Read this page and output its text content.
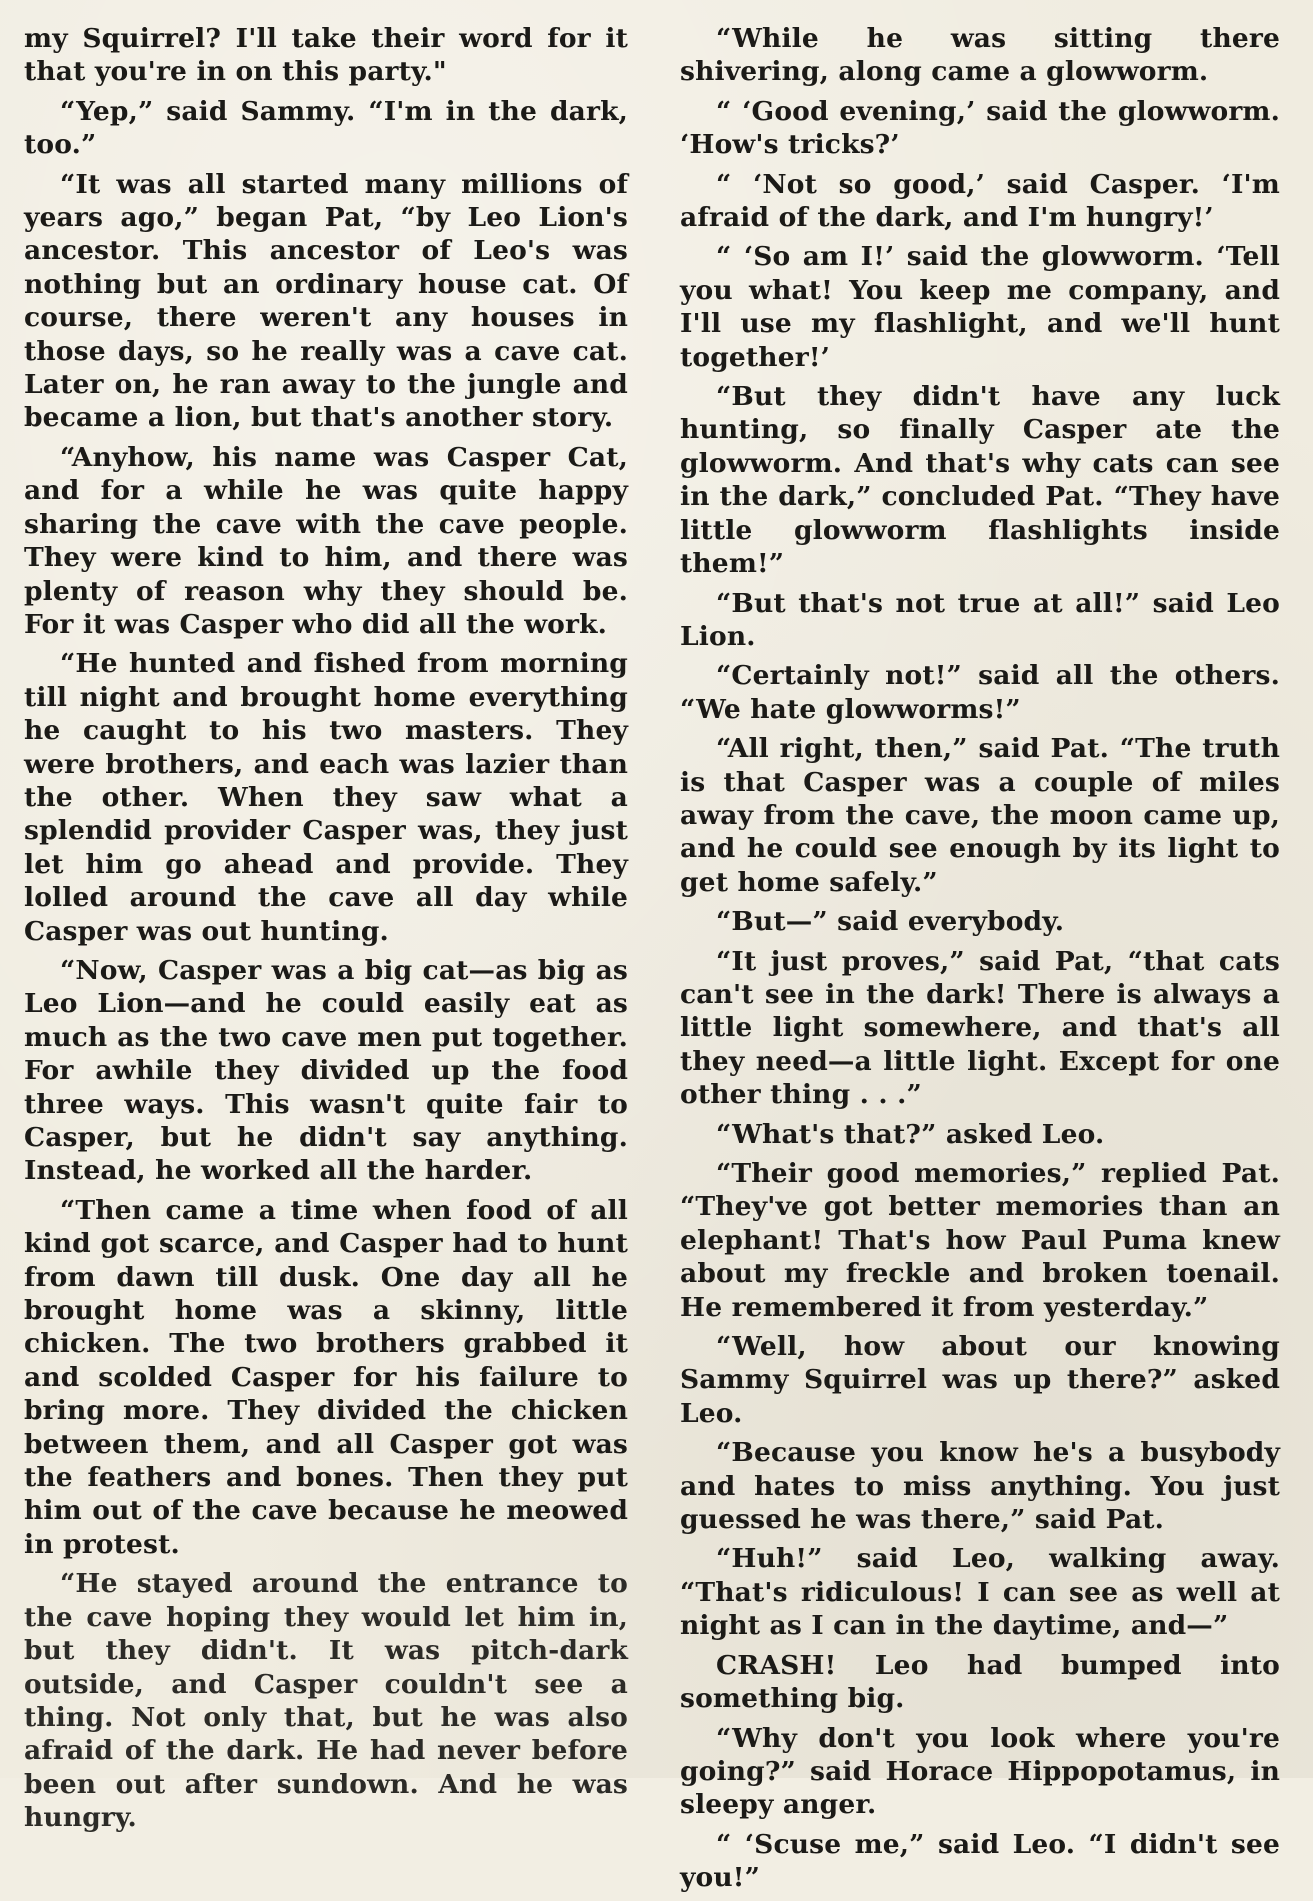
my Squirrel? I'll take their word for it that you're in on this party."

“Yep,” said Sammy. “I'm in the dark, too.”

“It was all started many millions of years ago,” began Pat, “by Leo Lion's ancestor. This ancestor of Leo's was nothing but an ordinary house cat. Of course, there weren't any houses in those days, so he really was a cave cat. Later on, he ran away to the jungle and became a lion, but that's another story.

“Anyhow, his name was Casper Cat, and for a while he was quite happy sharing the cave with the cave people. They were kind to him, and there was plenty of reason why they should be. For it was Casper who did all the work.

“He hunted and fished from morning till night and brought home everything he caught to his two masters. They were brothers, and each was lazier than the other. When they saw what a splendid provider Casper was, they just let him go ahead and provide. They lolled around the cave all day while Casper was out hunting.

“Now, Casper was a big cat—as big as Leo Lion—and he could easily eat as much as the two cave men put together. For awhile they divided up the food three ways. This wasn't quite fair to Casper, but he didn't say anything. Instead, he worked all the harder.

“Then came a time when food of all kind got scarce, and Casper had to hunt from dawn till dusk. One day all he brought home was a skinny, little chicken. The two brothers grabbed it and scolded Casper for his failure to bring more. They divided the chicken between them, and all Casper got was the feathers and bones. Then they put him out of the cave because he meowed in protest.

“He stayed around the entrance to the cave hoping they would let him in, but they didn't. It was pitch-dark outside, and Casper couldn't see a thing. Not only that, but he was also afraid of the dark. He had never before been out after sundown. And he was hungry.

“While he was sitting there shivering, along came a glowworm.

“ ‘Good evening,’ said the glowworm. ‘How's tricks?’

“ ‘Not so good,’ said Casper. ‘I'm afraid of the dark, and I'm hungry!’

“ ‘So am I!’ said the glowworm. ‘Tell you what! You keep me company, and I'll use my flashlight, and we'll hunt together!’

“But they didn't have any luck hunting, so finally Casper ate the glowworm. And that's why cats can see in the dark,” concluded Pat. “They have little glowworm flashlights inside them!”

“But that's not true at all!” said Leo Lion.

“Certainly not!” said all the others. “We hate glowworms!”

“All right, then,” said Pat. “The truth is that Casper was a couple of miles away from the cave, the moon came up, and he could see enough by its light to get home safely.”

“But—” said everybody.

“It just proves,” said Pat, “that cats can't see in the dark! There is always a little light somewhere, and that's all they need—a little light. Except for one other thing . . .”

“What's that?” asked Leo.

“Their good memories,” replied Pat. “They've got better memories than an elephant! That's how Paul Puma knew about my freckle and broken toenail. He remembered it from yesterday.”

“Well, how about our knowing Sammy Squirrel was up there?” asked Leo.

“Because you know he's a busybody and hates to miss anything. You just guessed he was there,” said Pat.

“Huh!” said Leo, walking away. “That's ridiculous! I can see as well at night as I can in the daytime, and—”

CRASH! Leo had bumped into something big.

“Why don't you look where you're going?” said Horace Hippopotamus, in sleepy anger.

“ ‘Scuse me,” said Leo. “I didn't see you!”
